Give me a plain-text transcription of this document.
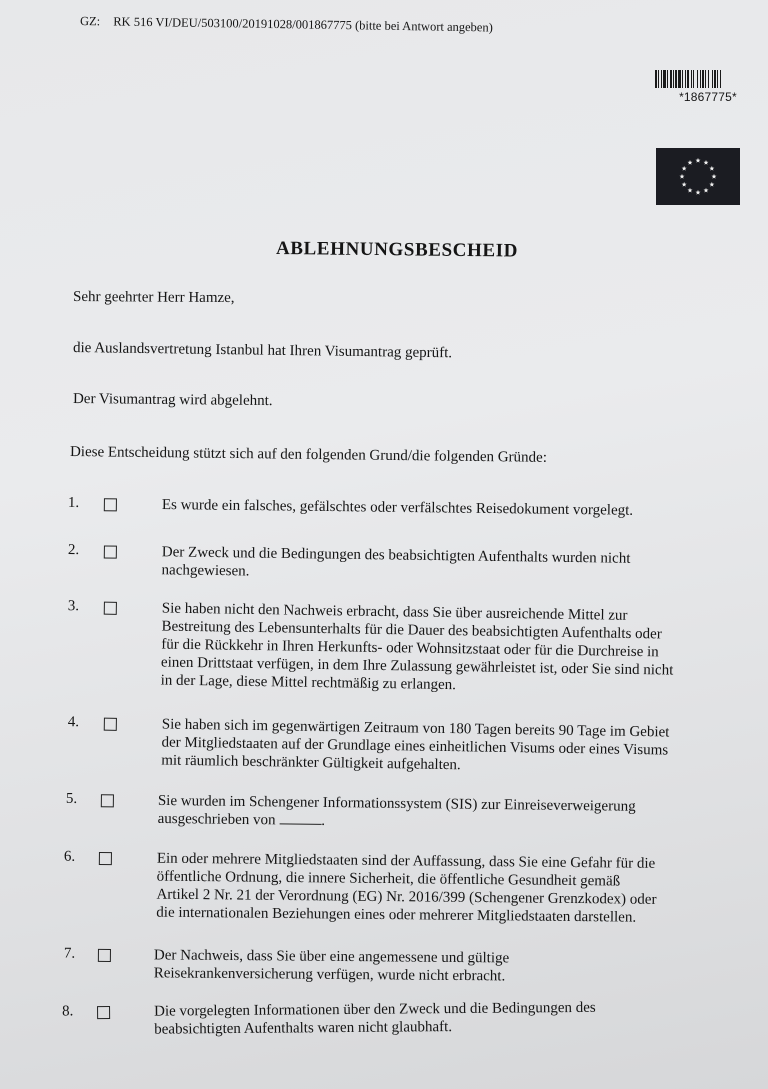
GZ: RK 516 VI/DEU/503100/20191028/001867775 (bitte bei Antwort angeben)
*1867775*
ABLEHNUNGSBESCHEID
Sehr geehrter Herr Hamze,
die Auslandsvertretung Istanbul hat Ihren Visumantrag geprüft.
Der Visumantrag wird abgelehnt.
Diese Entscheidung stützt sich auf den folgenden Grund/die folgenden Gründe:
1.	Es wurde ein falsches, gefälschtes oder verfälschtes Reisedokument vorgelegt.
2.	Der Zweck und die Bedingungen des beabsichtigten Aufenthalts wurden nicht
nachgewiesen.
3.	Sie haben nicht den Nachweis erbracht, dass Sie über ausreichende Mittel zur
Bestreitung des Lebensunterhalts für die Dauer des beabsichtigten Aufenthalts oder
für die Rückkehr in Ihren Herkunfts- oder Wohnsitzstaat oder für die Durchreise in
einen Drittstaat verfügen, in dem Ihre Zulassung gewährleistet ist, oder Sie sind nicht
in der Lage, diese Mittel rechtmäßig zu erlangen.
4.	Sie haben sich im gegenwärtigen Zeitraum von 180 Tagen bereits 90 Tage im Gebiet
der Mitgliedstaaten auf der Grundlage eines einheitlichen Visums oder eines Visums
mit räumlich beschränkter Gültigkeit aufgehalten.
5.	Sie wurden im Schengener Informationssystem (SIS) zur Einreiseverweigerung
ausgeschrieben von	.
6.	Ein oder mehrere Mitgliedstaaten sind der Auffassung, dass Sie eine Gefahr für die
öffentliche Ordnung, die innere Sicherheit, die öffentliche Gesundheit gemäß
Artikel 2 Nr. 21 der Verordnung (EG) Nr. 2016/399 (Schengener Grenzkodex) oder
die internationalen Beziehungen eines oder mehrerer Mitgliedstaaten darstellen.
7.	Der Nachweis, dass Sie über eine angemessene und gültige
Reisekrankenversicherung verfügen, wurde nicht erbracht.
8.	Die vorgelegten Informationen über den Zweck und die Bedingungen des
beabsichtigten Aufenthalts waren nicht glaubhaft.
